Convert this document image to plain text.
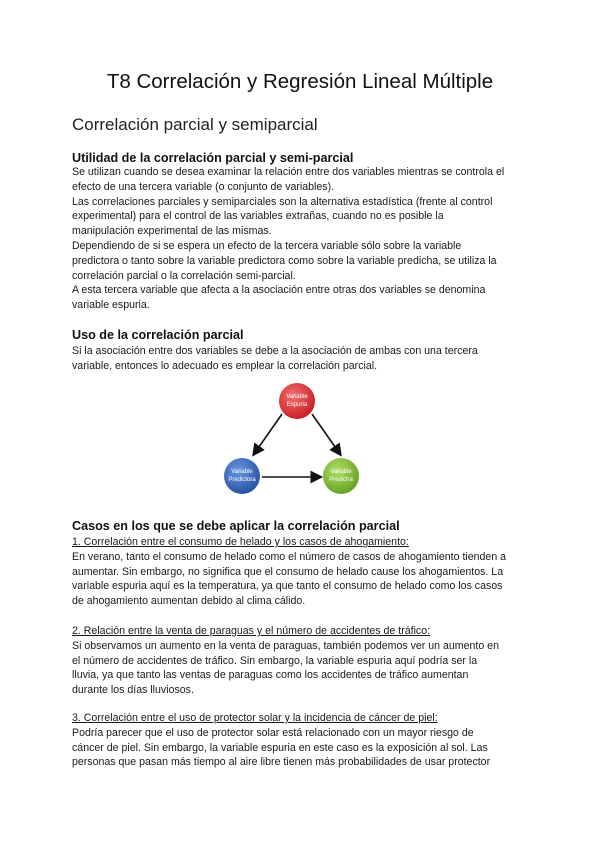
T8 Correlación y Regresión Lineal Múltiple
Correlación parcial y semiparcial
Utilidad de la correlación parcial y semi-parcial
Se utilizan cuando se desea examinar la relación entre dos variables mientras se controla el
efecto de una tercera variable (o conjunto de variables).
Las correlaciones parciales y semiparciales son la alternativa estadística (frente al control
experimental) para el control de las variables extrañas, cuando no es posible la
manipulación experimental de las mismas.
Dependiendo de si se espera un efecto de la tercera variable sólo sobre la variable
predictora o tanto sobre la variable predictora como sobre la variable predicha, se utiliza la
correlación parcial o la correlación semi-parcial.
A esta tercera variable que afecta a la asociación entre otras dos variables se denomina
variable espuria.
Uso de la correlación parcial
Si la asociación entre dos variables se debe a la asociación de ambas con una tercera
variable, entonces lo adecuado es emplear la correlación parcial.
Variable
Espuria
Variable
Predictora
Variable
Predicha
Casos en los que se debe aplicar la correlación parcial
1. Correlación entre el consumo de helado y los casos de ahogamiento:
En verano, tanto el consumo de helado como el número de casos de ahogamiento tienden a
aumentar. Sin embargo, no significa que el consumo de helado cause los ahogamientos. La
variable espuria aquí es la temperatura, ya que tanto el consumo de helado como los casos
de ahogamiento aumentan debido al clima cálido.
2. Relación entre la venta de paraguas y el número de accidentes de tráfico:
Si observamos un aumento en la venta de paraguas, también podemos ver un aumento en
el número de accidentes de tráfico. Sin embargo, la variable espuria aquí podría ser la
lluvia, ya que tanto las ventas de paraguas como los accidentes de tráfico aumentan
durante los días lluviosos.
3. Correlación entre el uso de protector solar y la incidencia de cáncer de piel:
Podría parecer que el uso de protector solar está relacionado con un mayor riesgo de
cáncer de piel. Sin embargo, la variable espuria en este caso es la exposición al sol. Las
personas que pasan más tiempo al aire libre tienen más probabilidades de usar protector
